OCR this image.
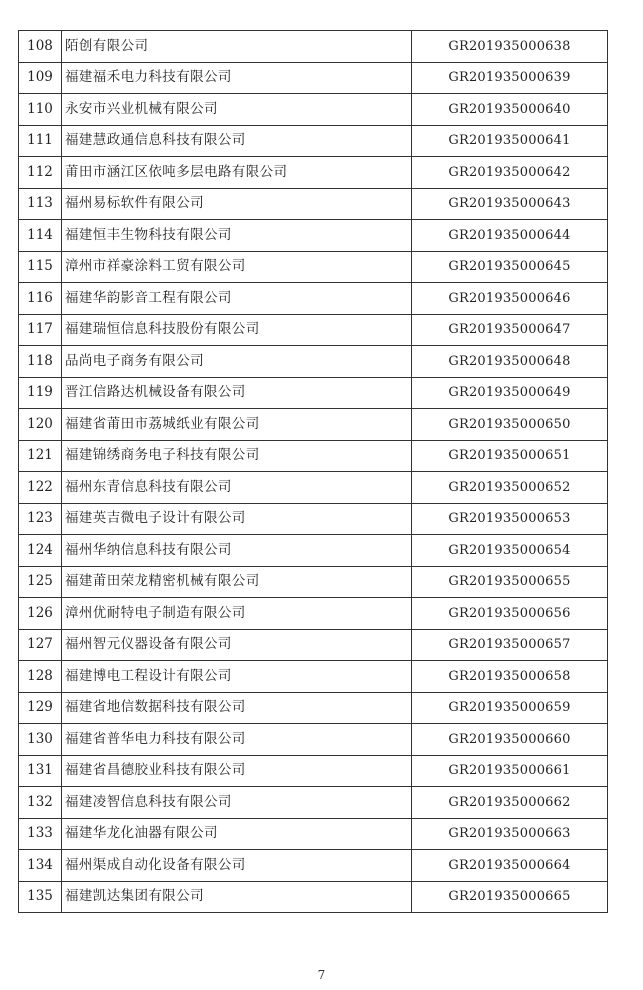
108	陌创有限公司	GR201935000638
109	福建福禾电力科技有限公司	GR201935000639
110	永安市兴业机械有限公司	GR201935000640
111	福建慧政通信息科技有限公司	GR201935000641
112	莆田市涵江区依吨多层电路有限公司	GR201935000642
113	福州易标软件有限公司	GR201935000643
114	福建恒丰生物科技有限公司	GR201935000644
115	漳州市祥豪涂料工贸有限公司	GR201935000645
116	福建华韵影音工程有限公司	GR201935000646
117	福建瑞恒信息科技股份有限公司	GR201935000647
118	品尚电子商务有限公司	GR201935000648
119	晋江信路达机械设备有限公司	GR201935000649
120	福建省莆田市荔城纸业有限公司	GR201935000650
121	福建锦绣商务电子科技有限公司	GR201935000651
122	福州东青信息科技有限公司	GR201935000652
123	福建英吉微电子设计有限公司	GR201935000653
124	福州华纳信息科技有限公司	GR201935000654
125	福建莆田荣龙精密机械有限公司	GR201935000655
126	漳州优耐特电子制造有限公司	GR201935000656
127	福州智元仪器设备有限公司	GR201935000657
128	福建博电工程设计有限公司	GR201935000658
129	福建省地信数据科技有限公司	GR201935000659
130	福建省普华电力科技有限公司	GR201935000660
131	福建省昌德胶业科技有限公司	GR201935000661
132	福建凌智信息科技有限公司	GR201935000662
133	福建华龙化油器有限公司	GR201935000663
134	福州渠成自动化设备有限公司	GR201935000664
135	福建凯达集团有限公司	GR201935000665
7
